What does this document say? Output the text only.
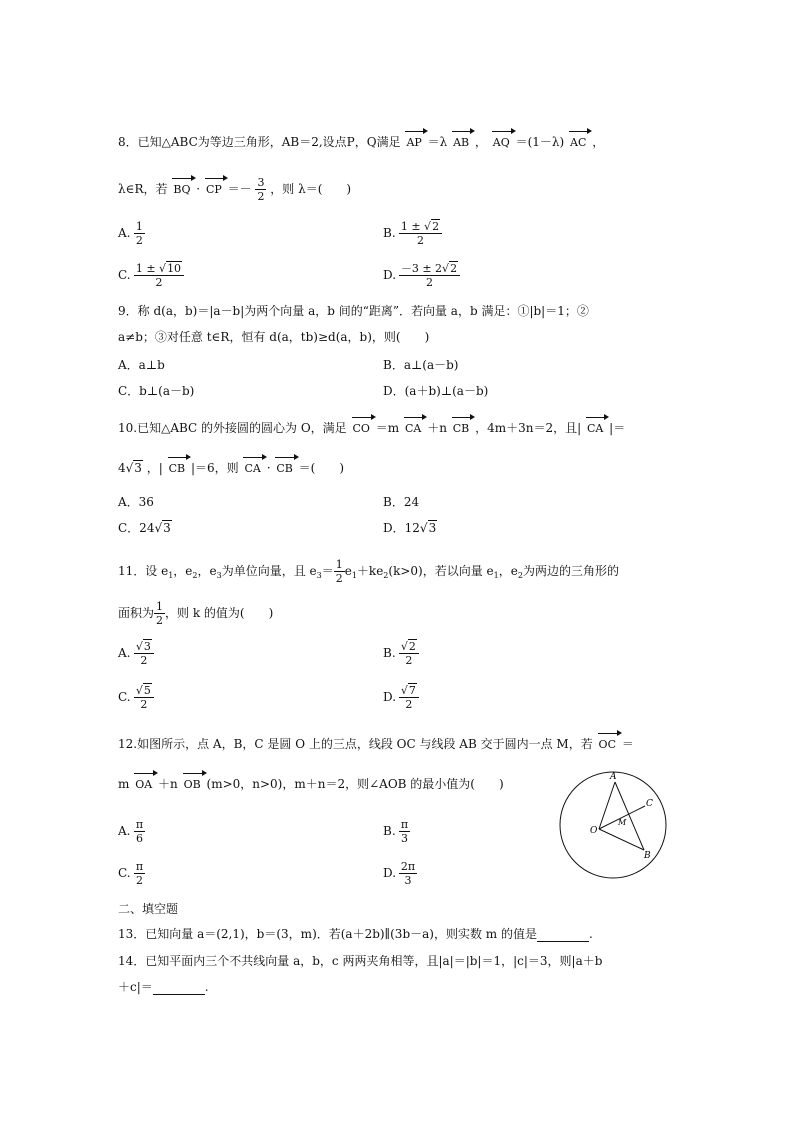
8．已知△ABC为等边三角形，AB＝2,设点P，Q满足 AP ＝λ AB ， AQ ＝(1－λ) AC ，
λ∈R，若 BQ · CP ＝－ $\frac{3}{2}$ ，则 λ＝(　　)
A. $\frac{1}{2}$	B. $\frac{1 \pm √2}{2}$
C. $\frac{1 \pm √10}{2}$	D. $\frac{-3 \pm 2√2}{2}$
9．称 d(a，b)＝|a－b|为两个向量 a，b 间的“距离”．若向量 a，b 满足：①|b|＝1；②
a≠b；③对任意 t∈R，恒有 d(a，tb)≥d(a，b)，则(　　)
A．a⊥b	B．a⊥(a－b)
C．b⊥(a－b)	D．(a＋b)⊥(a－b)
10.已知△ABC 的外接圆的圆心为 O，满足 CO ＝m CA ＋n CB ，4m＋3n＝2，且| CA |＝
4√3 ，| CB |＝6，则 CA · CB ＝(　　)
A．36	B．24
C．24√3	D．12√3
11．设 $e_1$，$e_2$，$e_3$为单位向量，且 $e_3= \frac{1}{2} e_1+ke_2(k>0)$，若以向量 $e_1$，$e_2$为两边的三角形的
面积为 $\frac{1}{2}$ ，则 k 的值为(　　)
A. $\frac{√3}{2}$	B. $\frac{√2}{2}$
C. $\frac{√5}{2}$	D. $\frac{√7}{2}$
12.如图所示，点 A，B，C 是圆 O 上的三点，线段 OC 与线段 AB 交于圆内一点 M，若 OC ＝
m OA ＋n OB (m>0，n>0)，m＋n＝2，则∠AOB 的最小值为(　　)
A. $\frac{\pi}{6}$	B. $\frac{\pi}{3}$
C. $\frac{\pi}{2}$	D. $\frac{2\pi}{3}$
A
C
O
M
B
二、填空题
13．已知向量 a＝(2,1)，b＝(3，m)．若(a＋2b)∥(3b－a)，则实数 m 的值是	.
14．已知平面内三个不共线向量 a，b，c 两两夹角相等，且|a|＝|b|＝1，|c|＝3，则|a＋b
＋c|＝	.
